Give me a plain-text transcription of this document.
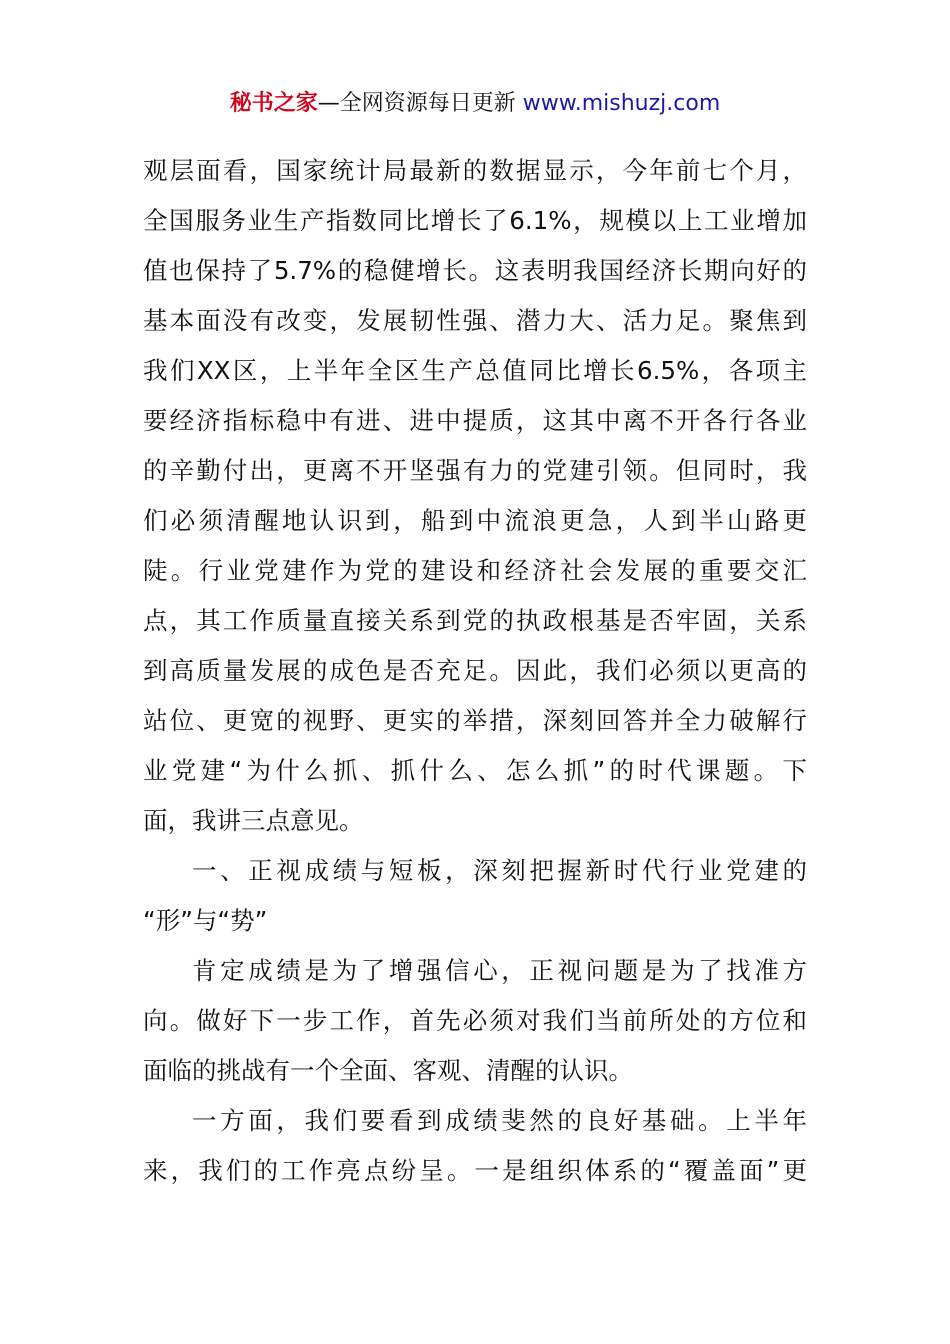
秘书之家—全网资源每日更新 www.mishuzj.com
观层面看，国家统计局最新的数据显示，今年前七个月，
全国服务业生产指数同比增长了6.1%，规模以上工业增加
值也保持了5.7%的稳健增长。这表明我国经济长期向好的
基本面没有改变，发展韧性强、潜力大、活力足。聚焦到
我们XX区，上半年全区生产总值同比增长6.5%，各项主
要经济指标稳中有进、进中提质，这其中离不开各行各业
的辛勤付出，更离不开坚强有力的党建引领。但同时，我
们必须清醒地认识到，船到中流浪更急，人到半山路更
陡。行业党建作为党的建设和经济社会发展的重要交汇
点，其工作质量直接关系到党的执政根基是否牢固，关系
到高质量发展的成色是否充足。因此，我们必须以更高的
站位、更宽的视野、更实的举措，深刻回答并全力破解行
业党建“为什么抓、抓什么、怎么抓”的时代课题。下
面，我讲三点意见。
一、正视成绩与短板，深刻把握新时代行业党建的
“形”与“势”
肯定成绩是为了增强信心，正视问题是为了找准方
向。做好下一步工作，首先必须对我们当前所处的方位和
面临的挑战有一个全面、客观、清醒的认识。
一方面，我们要看到成绩斐然的良好基础。上半年
来，我们的工作亮点纷呈。一是组织体系的“覆盖面”更
